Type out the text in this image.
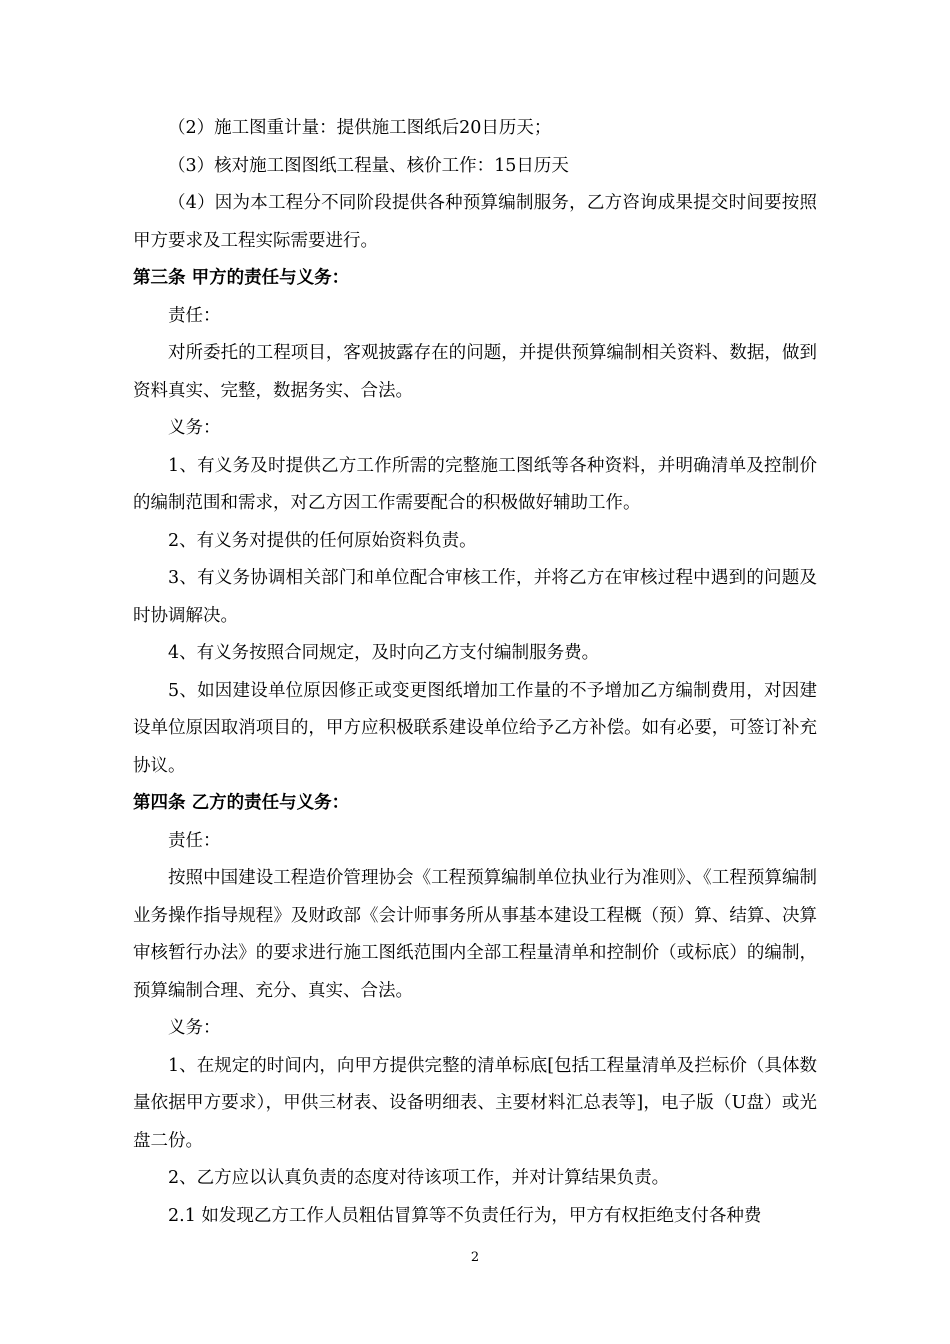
（2）施工图重计量：提供施工图纸后20日历天；

（3）核对施工图图纸工程量、核价工作：15日历天

（4）因为本工程分不同阶段提供各种预算编制服务，乙方咨询成果提交时间要按照甲方要求及工程实际需要进行。

第三条 甲方的责任与义务：

责任：

对所委托的工程项目，客观披露存在的问题，并提供预算编制相关资料、数据，做到资料真实、完整，数据务实、合法。

义务：

1、有义务及时提供乙方工作所需的完整施工图纸等各种资料，并明确清单及控制价的编制范围和需求，对乙方因工作需要配合的积极做好辅助工作。

2、有义务对提供的任何原始资料负责。

3、有义务协调相关部门和单位配合审核工作，并将乙方在审核过程中遇到的问题及时协调解决。

4、有义务按照合同规定，及时向乙方支付编制服务费。

5、如因建设单位原因修正或变更图纸增加工作量的不予增加乙方编制费用，对因建设单位原因取消项目的，甲方应积极联系建设单位给予乙方补偿。如有必要，可签订补充协议。

第四条 乙方的责任与义务：

责任：

按照中国建设工程造价管理协会《工程预算编制单位执业行为准则》、《工程预算编制业务操作指导规程》及财政部《会计师事务所从事基本建设工程概（预）算、结算、决算审核暂行办法》的要求进行施工图纸范围内全部工程量清单和控制价（或标底）的编制，预算编制合理、充分、真实、合法。

义务：

1、在规定的时间内，向甲方提供完整的清单标底[包括工程量清单及拦标价（具体数量依据甲方要求），甲供三材表、设备明细表、主要材料汇总表等]，电子版（U盘）或光盘二份。

2、乙方应以认真负责的态度对待该项工作，并对计算结果负责。

2.1 如发现乙方工作人员粗估冒算等不负责任行为，甲方有权拒绝支付各种费

2
